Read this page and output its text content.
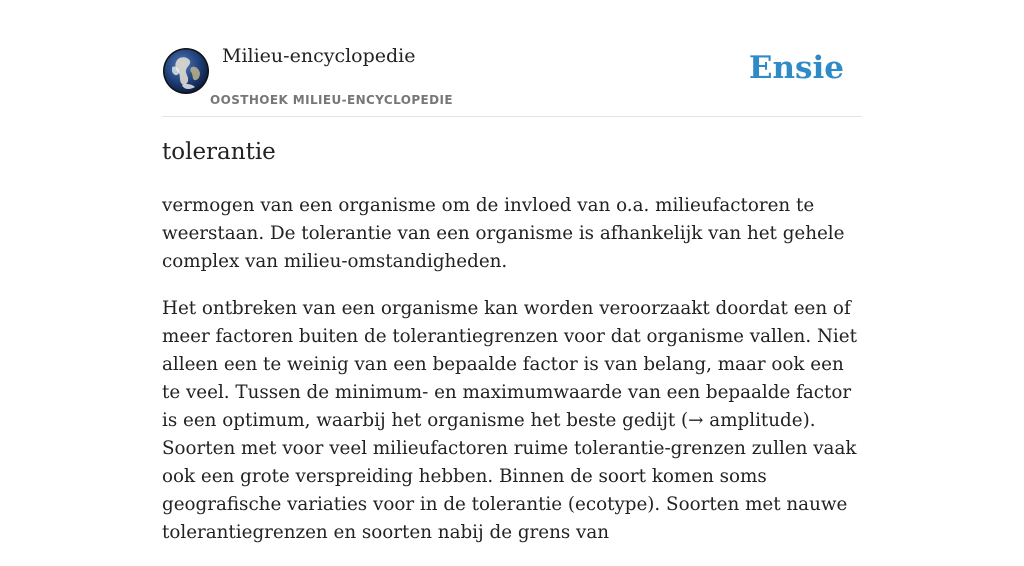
Milieu-encyclopedie
OOSTHOEK MILIEU-ENCYCLOPEDIE
Ensie
tolerantie

vermogen van een organisme om de invloed van o.a. milieufactoren te weerstaan. De tolerantie van een organisme is afhankelijk van het gehele complex van milieu-omstandigheden.

Het ontbreken van een organisme kan worden veroorzaakt doordat een of meer factoren buiten de tolerantiegrenzen voor dat organisme vallen. Niet alleen een te weinig van een bepaalde factor is van belang, maar ook een te veel. Tussen de minimum- en maximumwaarde van een bepaalde factor is een optimum, waarbij het organisme het beste gedijt (→ amplitude). Soorten met voor veel milieufactoren ruime tolerantie-grenzen zullen vaak ook een grote verspreiding hebben. Binnen de soort komen soms geografische variaties voor in de tolerantie (ecotype). Soorten met nauwe tolerantiegrenzen en soorten nabij de grens van
